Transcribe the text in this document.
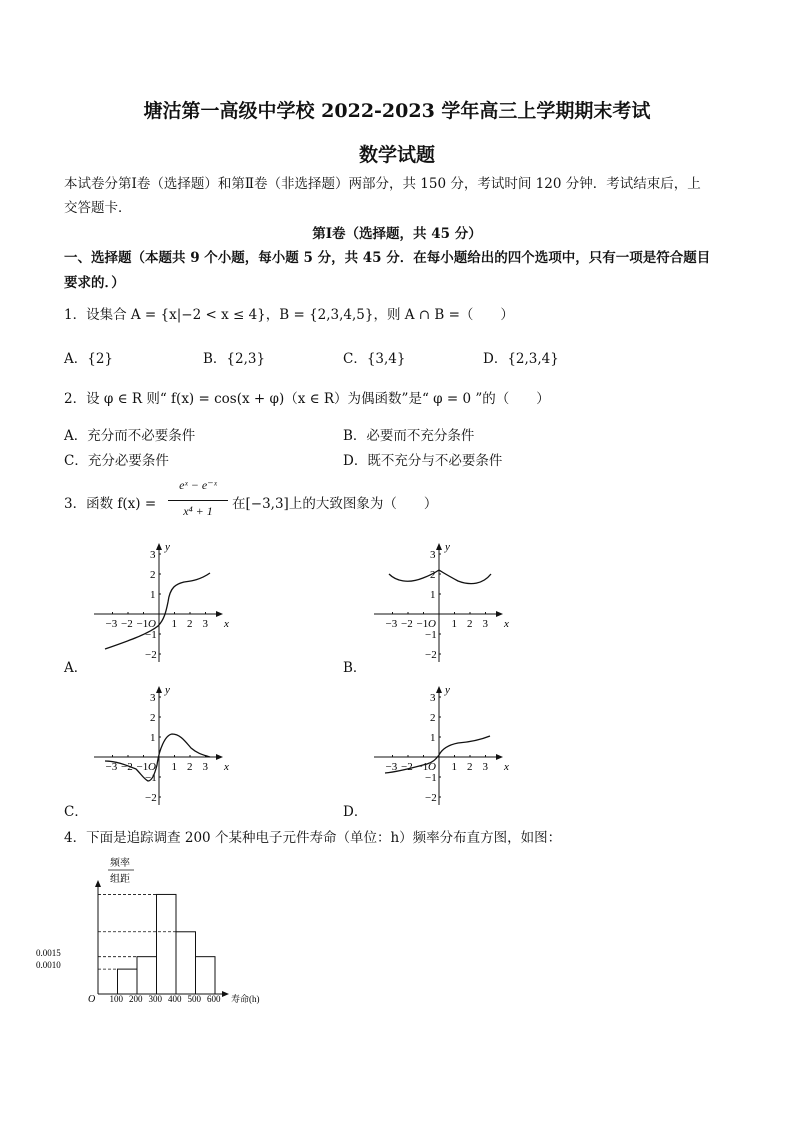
塘沽第一高级中学校 2022-2023 学年高三上学期期末考试
数学试题
本试卷分第Ⅰ卷（选择题）和第Ⅱ卷（非选择题）两部分，共 150 分，考试时间 120 分钟．考试结束后，上
交答题卡．
第Ⅰ卷（选择题，共 45 分）
一、选择题（本题共 9 个小题，每小题 5 分，共 45 分．在每小题给出的四个选项中，只有一项是符合题目
要求的．）
1．设集合 A = {x|−2 < x ≤ 4}，B = {2,3,4,5}，则 A ∩ B =（　　）
A．{2}	B．{2,3}	C．{3,4}	D．{2,3,4}
2．设 φ ∈ R 则“ f(x) = cos(x + φ)（x ∈ R）为偶函数”是“ φ = 0 ”的（　　）
A．充分而不必要条件	B．必要而不充分条件
C．充分必要条件	D．既不充分与不必要条件
3．函数 f(x) =
eˣ − e⁻ˣ
x⁴ + 1	在[−3,3]上的大致图象为（　　）
−3 −2 −1 O 1 2 3
3
2
1
−1
−2
x
y
A．
−3 −2 −1 O 1 2 3
3
2
1
−1
−2
x
y
B．
−3 −2 −1 O 1 2 3
3
2
1
−1
−2
x
y
C．
−3 −2 −1 O 1 2 3
3
2
1
−1
−2
x
y
D．
4．下面是追踪调查 200 个某种电子元件寿命（单位：h）频率分布直方图，如图：
频率
组距
0.0015
0.0010
O 100 200 300 400 500 600 寿命(h)
